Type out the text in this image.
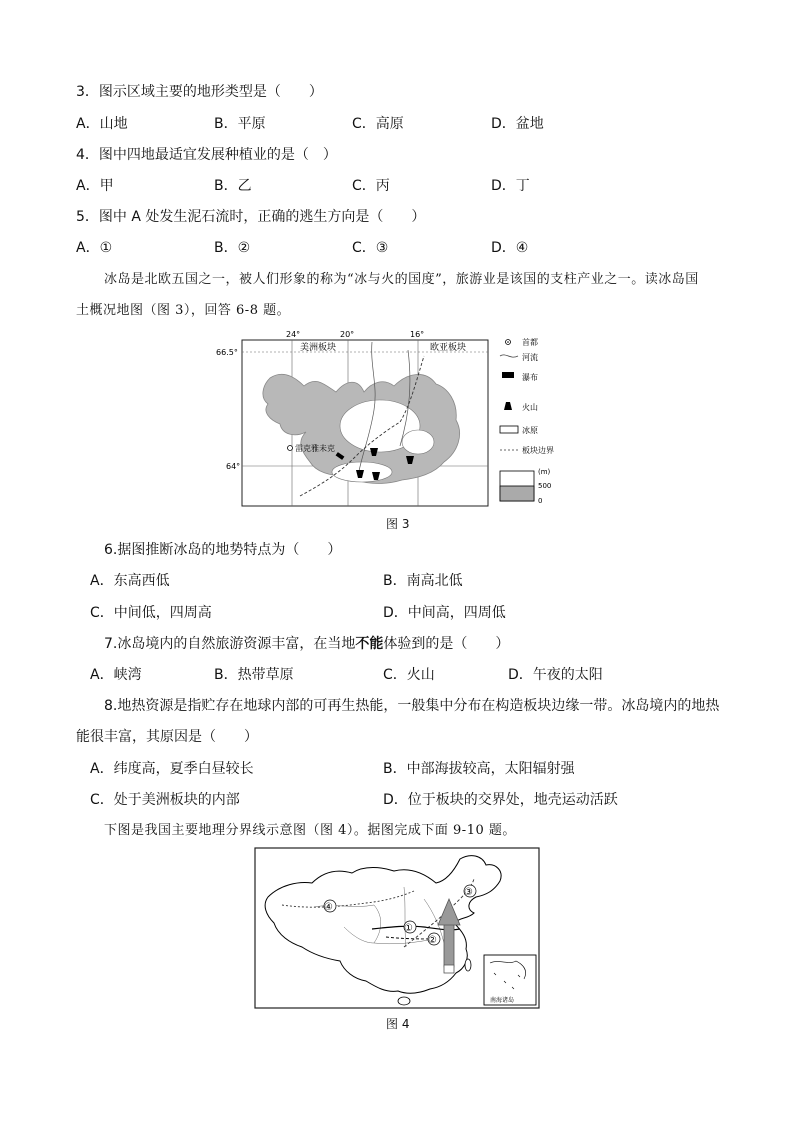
3．图示区域主要的地形类型是（　　）
A．山地	B．平原	C．高原	D．盆地
4．图中四地最适宜发展种植业的是（　）
A．甲	B．乙	C．丙	D．丁
5．图中 A 处发生泥石流时，正确的逃生方向是（　　）
A．①	B．②	C．③	D．④
冰岛是北欧五国之一，被人们形象的称为“冰与火的国度”，旅游业是该国的支柱产业之一。读冰岛国
土概况地图（图 3），回答 6-8 题。
雷克雅未克
美洲板块	欧亚板块
24°	20°	16°
66.5°
64°
首都
河流
瀑布
火山
冰原
板块边界
(m)
500
0
图 3
6.据图推断冰岛的地势特点为（　　）
A．东高西低	B．南高北低
C．中间低，四周高	D．中间高，四周低
7.冰岛境内的自然旅游资源丰富，在当地不能体验到的是（　　）
A．峡湾	B．热带草原	C．火山	D．午夜的太阳
8.地热资源是指贮存在地球内部的可再生热能，一般集中分布在构造板块边缘一带。冰岛境内的地热
能很丰富，其原因是（　　）
A．纬度高，夏季白昼较长	B．中部海拔较高，太阳辐射强
C．处于美洲板块的内部	D．位于板块的交界处，地壳运动活跃
下图是我国主要地理分界线示意图（图 4）。据图完成下面 9-10 题。
④
①
②
③
南海诸岛
图 4
